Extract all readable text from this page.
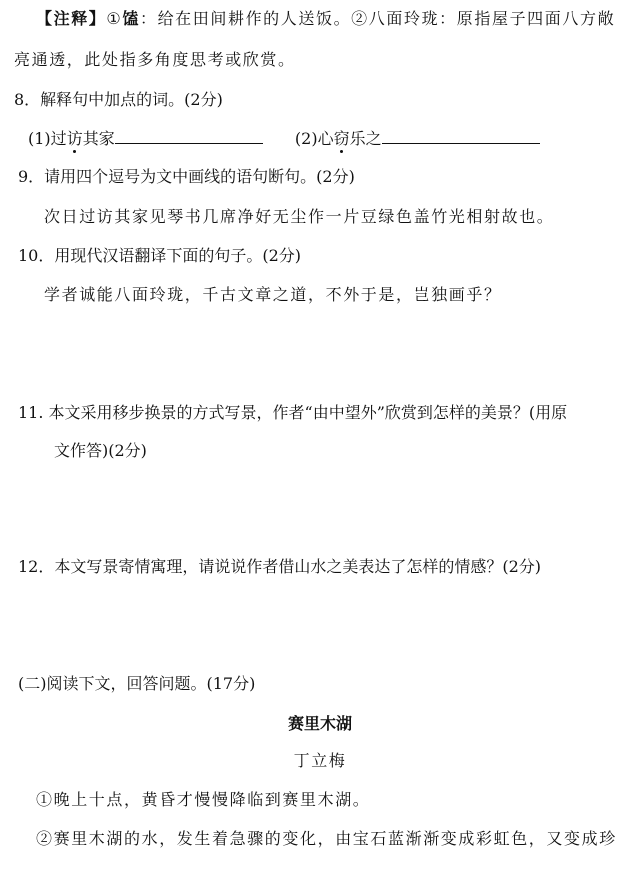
【注释】①馌：给在田间耕作的人送饭。②八面玲珑：原指屋子四面八方敞
亮通透，此处指多角度思考或欣赏。
8．解释句中加点的词。(2分)
(1)过访其家	(2)心窃乐之
9．请用四个逗号为文中画线的语句断句。(2分)
次日过访其家见琴书几席净好无尘作一片豆绿色盖竹光相射故也。
10．用现代汉语翻译下面的句子。(2分)
学者诚能八面玲珑，千古文章之道，不外于是，岂独画乎？
11. 本文采用移步换景的方式写景，作者“由中望外”欣赏到怎样的美景？(用原
文作答)(2分)
12．本文写景寄情寓理，请说说作者借山水之美表达了怎样的情感？(2分)
(二)阅读下文，回答问题。(17分)
赛里木湖
丁立梅
①晚上十点，黄昏才慢慢降临到赛里木湖。
②赛里木湖的水，发生着急骤的变化，由宝石蓝渐渐变成彩虹色，又变成珍
